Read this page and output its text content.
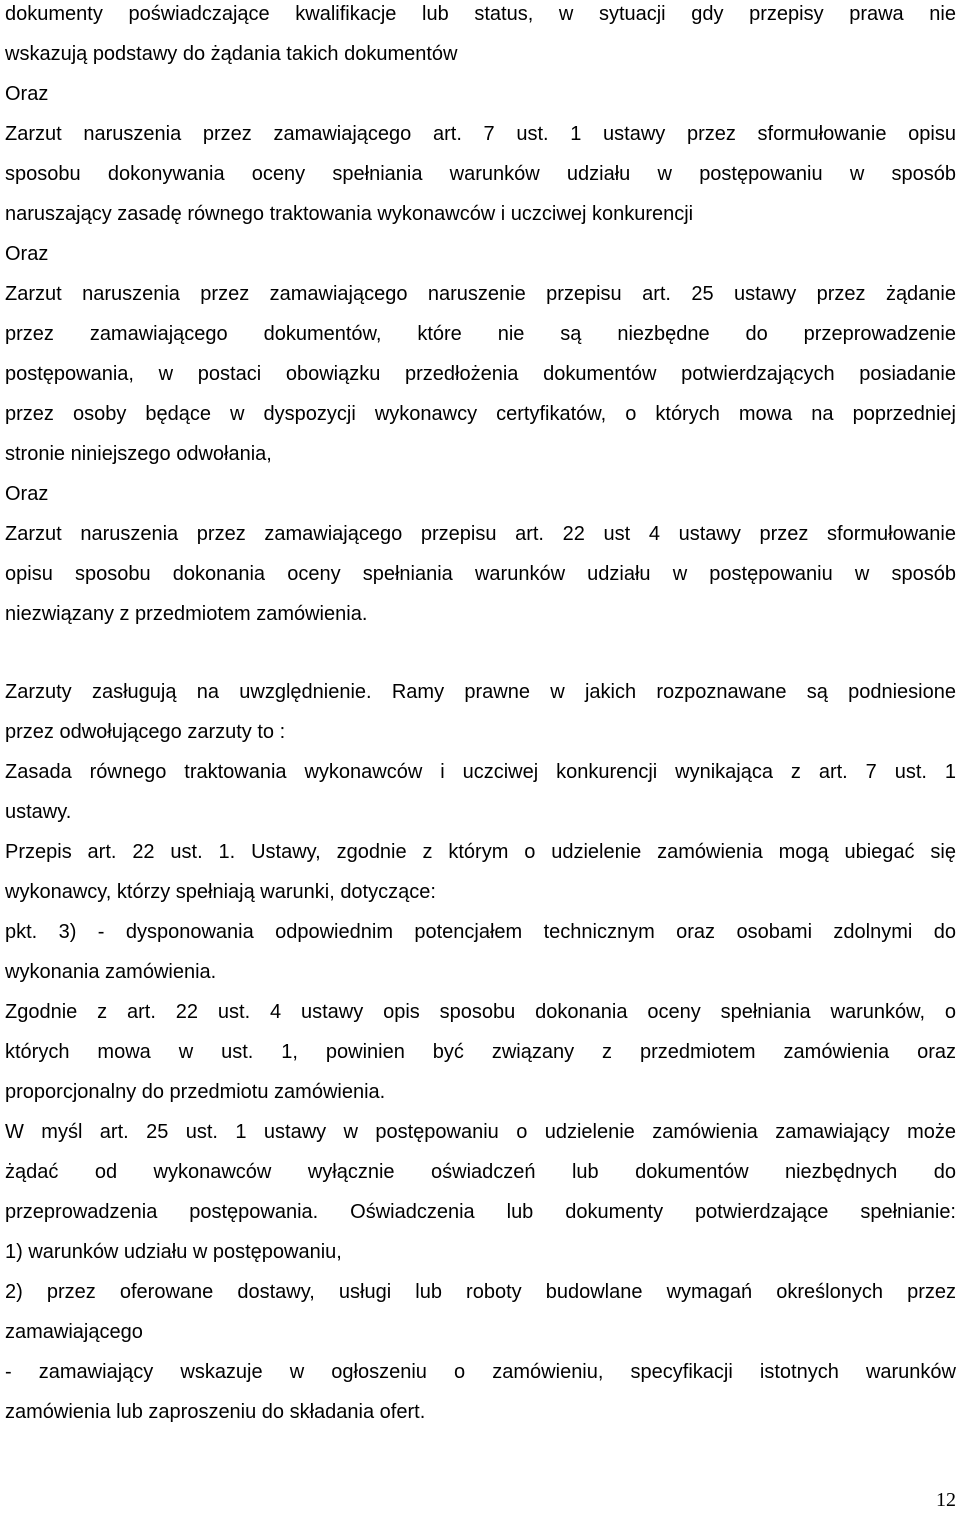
dokumenty poświadczające kwalifikacje lub status, w sytuacji gdy przepisy prawa nie
wskazują podstawy do żądania takich dokumentów
Oraz
Zarzut naruszenia przez zamawiającego art. 7 ust. 1 ustawy przez sformułowanie opisu
sposobu dokonywania oceny spełniania warunków udziału w postępowaniu w sposób
naruszający zasadę równego traktowania wykonawców i uczciwej konkurencji
Oraz
Zarzut naruszenia przez zamawiającego naruszenie przepisu art. 25 ustawy przez żądanie
przez zamawiającego dokumentów, które nie są niezbędne do przeprowadzenie
postępowania, w postaci obowiązku przedłożenia dokumentów potwierdzających posiadanie
przez osoby będące w dyspozycji wykonawcy certyfikatów, o których mowa na poprzedniej
stronie niniejszego odwołania,
Oraz
Zarzut naruszenia przez zamawiającego przepisu art. 22 ust 4 ustawy przez sformułowanie
opisu sposobu dokonania oceny spełniania warunków udziału w postępowaniu w sposób
niezwiązany z przedmiotem zamówienia.
Zarzuty zasługują na uwzględnienie. Ramy prawne w jakich rozpoznawane są podniesione
przez odwołującego zarzuty to :
Zasada równego traktowania wykonawców i uczciwej konkurencji wynikająca z art. 7 ust. 1
ustawy.
Przepis art. 22 ust. 1. Ustawy, zgodnie z którym o udzielenie zamówienia mogą ubiegać się
wykonawcy, którzy spełniają warunki, dotyczące:
pkt. 3) - dysponowania odpowiednim potencjałem technicznym oraz osobami zdolnymi do
wykonania zamówienia.
Zgodnie z art. 22 ust. 4 ustawy opis sposobu dokonania oceny spełniania warunków, o
których mowa w ust. 1, powinien być związany z przedmiotem zamówienia oraz
proporcjonalny do przedmiotu zamówienia.
W myśl art. 25 ust. 1 ustawy w postępowaniu o udzielenie zamówienia zamawiający może
żądać od wykonawców wyłącznie oświadczeń lub dokumentów niezbędnych do
przeprowadzenia postępowania. Oświadczenia lub dokumenty potwierdzające spełnianie:
1) warunków udziału w postępowaniu,
2) przez oferowane dostawy, usługi lub roboty budowlane wymagań określonych przez
zamawiającego
- zamawiający wskazuje w ogłoszeniu o zamówieniu, specyfikacji istotnych warunków
zamówienia lub zaproszeniu do składania ofert.
12
